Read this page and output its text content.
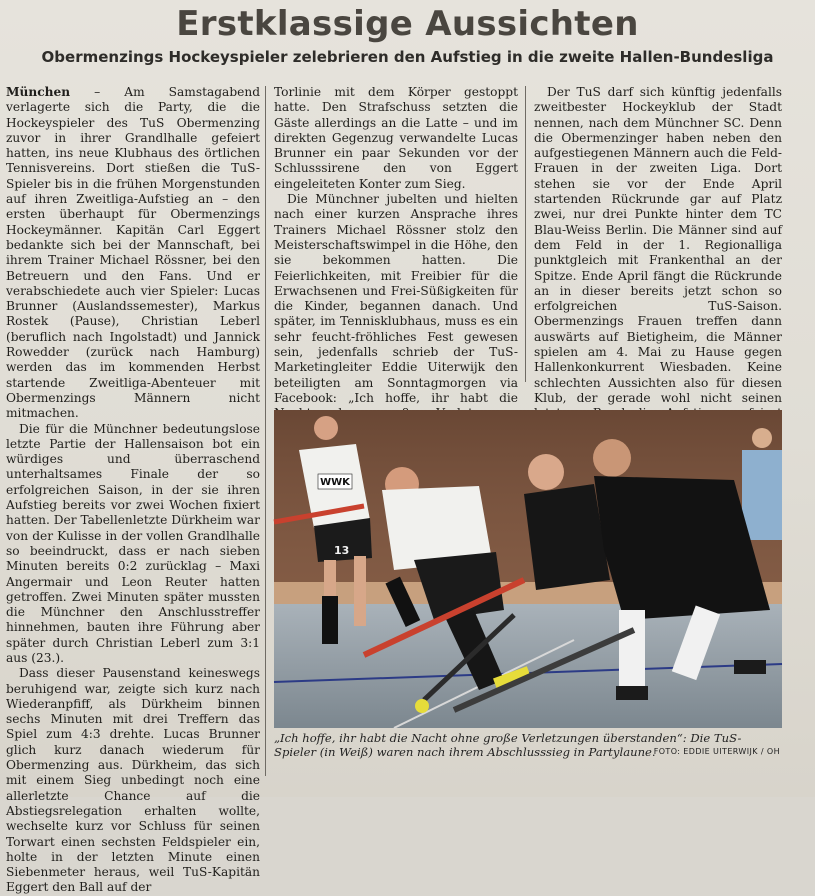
Erstklassige Aussichten
Obermenzings Hockeyspieler zelebrieren den Aufstieg in die zweite Hallen-Bundesliga

München – Am Samstagabend verlagerte sich die Party, die die Hockeyspieler des TuS Obermenzing zuvor in ihrer Grandlhalle gefeiert hatten, ins neue Klubhaus des örtlichen Tennisvereins. Dort stießen die TuS-Spieler bis in die frühen Morgenstunden auf ihren Zweitliga-Aufstieg an – den ersten überhaupt für Obermenzings Hockeymänner. Kapitän Carl Eggert bedankte sich bei der Mannschaft, bei ihrem Trainer Michael Rössner, bei den Betreuern und den Fans. Und er verabschiedete auch vier Spieler: Lucas Brunner (Auslandssemester), Markus Rostek (Pause), Christian Leberl (beruflich nach Ingolstadt) und Jannick Rowedder (zurück nach Hamburg) werden das im kommenden Herbst startende Zweitliga-Abenteuer mit Obermenzings Männern nicht mitmachen.

Die für die Münchner bedeutungslose letzte Partie der Hallensaison bot ein würdiges und überraschend unterhaltsames Finale der so erfolgreichen Saison, in der sie ihren Aufstieg bereits vor zwei Wochen fixiert hatten. Der Tabellenletzte Dürkheim war von der Kulisse in der vollen Grandlhalle so beeindruckt, dass er nach sieben Minuten bereits 0:2 zurücklag – Maxi Angermair und Leon Reuter hatten getroffen. Zwei Minuten später mussten die Münchner den Anschlusstreffer hinnehmen, bauten ihre Führung aber später durch Christian Leberl zum 3:1 aus (23.).

Dass dieser Pausenstand keineswegs beruhigend war, zeigte sich kurz nach Wiederanpfiff, als Dürkheim binnen sechs Minuten mit drei Treffern das Spiel zum 4:3 drehte. Lucas Brunner glich kurz danach wiederum für Obermenzing aus. Dürkheim, das sich mit einem Sieg unbedingt noch eine allerletzte Chance auf die Abstiegsrelegation erhalten wollte, wechselte kurz vor Schluss für seinen Torwart einen sechsten Feldspieler ein, holte in der letzten Minute einen Siebenmeter heraus, weil TuS-Kapitän Eggert den Ball auf der

Torlinie mit dem Körper gestoppt hatte. Den Strafschuss setzten die Gäste allerdings an die Latte – und im direkten Gegenzug verwandelte Lucas Brunner ein paar Sekunden vor der Schlusssirene den von Eggert eingeleiteten Konter zum Sieg.

Die Münchner jubelten und hielten nach einer kurzen Ansprache ihres Trainers Michael Rössner stolz den Meisterschaftswimpel in die Höhe, den sie bekommen hatten. Die Feierlichkeiten, mit Freibier für die Erwachsenen und Frei-Süßigkeiten für die Kinder, begannen danach. Und später, im Tennisklubhaus, muss es ein sehr feucht-fröhliches Fest gewesen sein, jedenfalls schrieb der TuS-Marketingleiter Eddie Uiterwijk den beteiligten am Sonntagmorgen via Facebook: „Ich hoffe, ihr habt die

Der TuS darf sich künftig jedenfalls zweitbester Hockeyklub der Stadt nennen, nach dem Münchner SC. Denn die Obermenzinger haben neben den aufgestiegenen Männern auch die Feld-Frauen in der zweiten Liga. Dort stehen sie vor der Ende April startenden Rückrunde gar auf Platz zwei, nur drei Punkte hinter dem TC Blau-Weiss Berlin. Die Männer sind auf dem Feld in der 1. Regionalliga punktgleich mit Frankenthal an der Spitze. Ende April fängt die Rückrunde an in dieser bereits jetzt schon so erfolgreichen TuS-Saison. Obermenzings Frauen treffen dann auswärts auf Bietigheim, die Männer spielen am 4. Mai zu Hause gegen Hallenkonkurrent Wiesbaden. Keine schlechten Aussichten also für diesen Klub, der gerade wohl nicht seinen

WWK
13
„Ich hoffe, ihr habt die Nacht ohne große Verletzungen überstanden“: Die TuS-Spieler (in Weiß) waren nach ihrem Abschlusssieg in Partylaune.
FOTO: EDDIE UITERWIJK / OH
